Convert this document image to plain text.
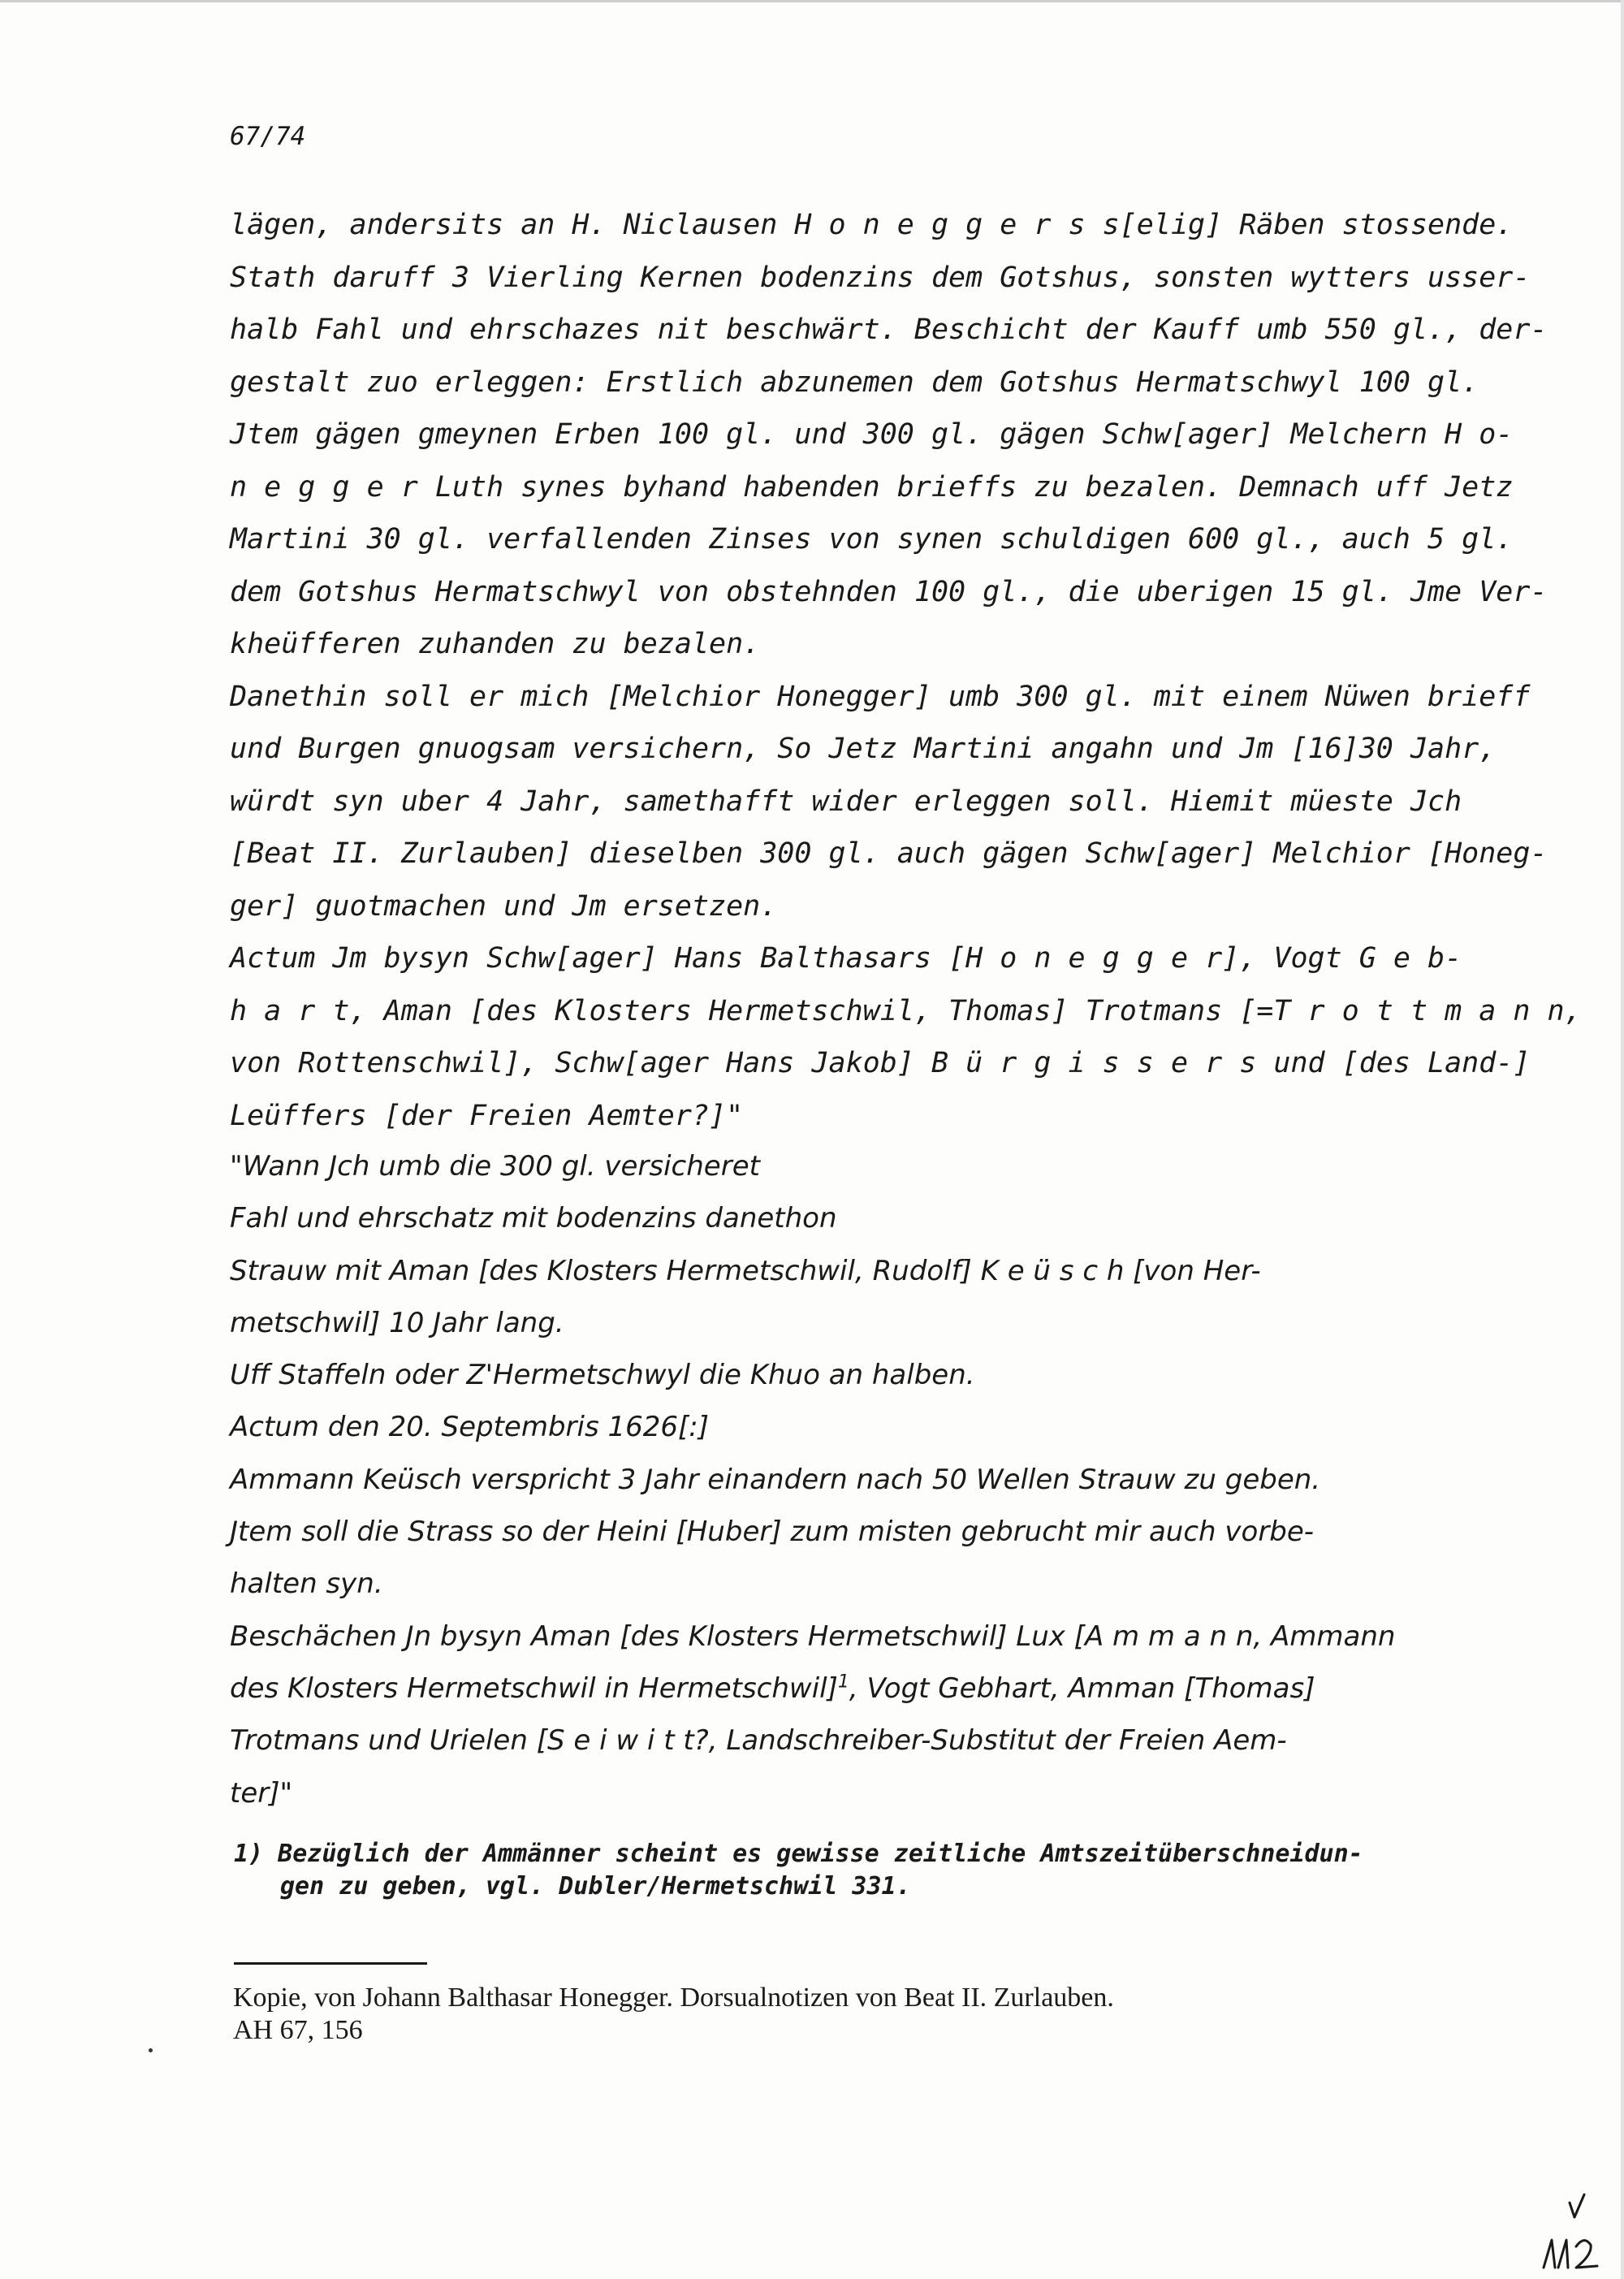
67/74
lägen, andersits an H. Niclausen H o n e g g e r s s[elig] Räben stossende.
Stath daruff 3 Vierling Kernen bodenzins dem Gotshus, sonsten wytters usser-
halb Fahl und ehrschazes nit beschwärt. Beschicht der Kauff umb 550 gl., der-
gestalt zuo erleggen: Erstlich abzunemen dem Gotshus Hermatschwyl 100 gl.
Jtem gägen gmeynen Erben 100 gl. und 300 gl. gägen Schw[ager] Melchern H o-
n e g g e r Luth synes byhand habenden brieffs zu bezalen. Demnach uff Jetz
Martini 30 gl. verfallenden Zinses von synen schuldigen 600 gl., auch 5 gl.
dem Gotshus Hermatschwyl von obstehnden 100 gl., die uberigen 15 gl. Jme Ver-
kheüfferen zuhanden zu bezalen.
Danethin soll er mich [Melchior Honegger] umb 300 gl. mit einem Nüwen brieff
und Burgen gnuogsam versichern, So Jetz Martini angahn und Jm [16]30 Jahr,
würdt syn uber 4 Jahr, samethafft wider erleggen soll. Hiemit müeste Jch
[Beat II. Zurlauben] dieselben 300 gl. auch gägen Schw[ager] Melchior [Honeg-
ger] guotmachen und Jm ersetzen.
Actum Jm bysyn Schw[ager] Hans Balthasars [H o n e g g e r], Vogt G e b-
h a r t, Aman [des Klosters Hermetschwil, Thomas] Trotmans [=T r o t t m a n n,
von Rottenschwil], Schw[ager Hans Jakob] B ü r g i s s e r s und [des Land-]
Leüffers [der Freien Aemter?]"
"Wann Jch umb die 300 gl. versicheret
Fahl und ehrschatz mit bodenzins danethon
Strauw mit Aman [des Klosters Hermetschwil, Rudolf] K e ü s c h [von Her-
metschwil] 10 Jahr lang.
Uff Staffeln oder Z'Hermetschwyl die Khuo an halben.
Actum den 20. Septembris 1626[:]
Ammann Keüsch verspricht 3 Jahr einandern nach 50 Wellen Strauw zu geben.
Jtem soll die Strass so der Heini [Huber] zum misten gebrucht mir auch vorbe-
halten syn.
Beschächen Jn bysyn Aman [des Klosters Hermetschwil] Lux [A m m a n n, Ammann
des Klosters Hermetschwil in Hermetschwil]$^1$, Vogt Gebhart, Amman [Thomas]
Trotmans und Urielen [S e i w i t t?, Landschreiber-Substitut der Freien Aem-
ter]"
1) Bezüglich der Ammänner scheint es gewisse zeitliche Amtszeitüberschneidun-
gen zu geben, vgl. Dubler/Hermetschwil 331.
Kopie, von Johann Balthasar Honegger. Dorsualnotizen von Beat II. Zurlauben.
AH 67, 156
